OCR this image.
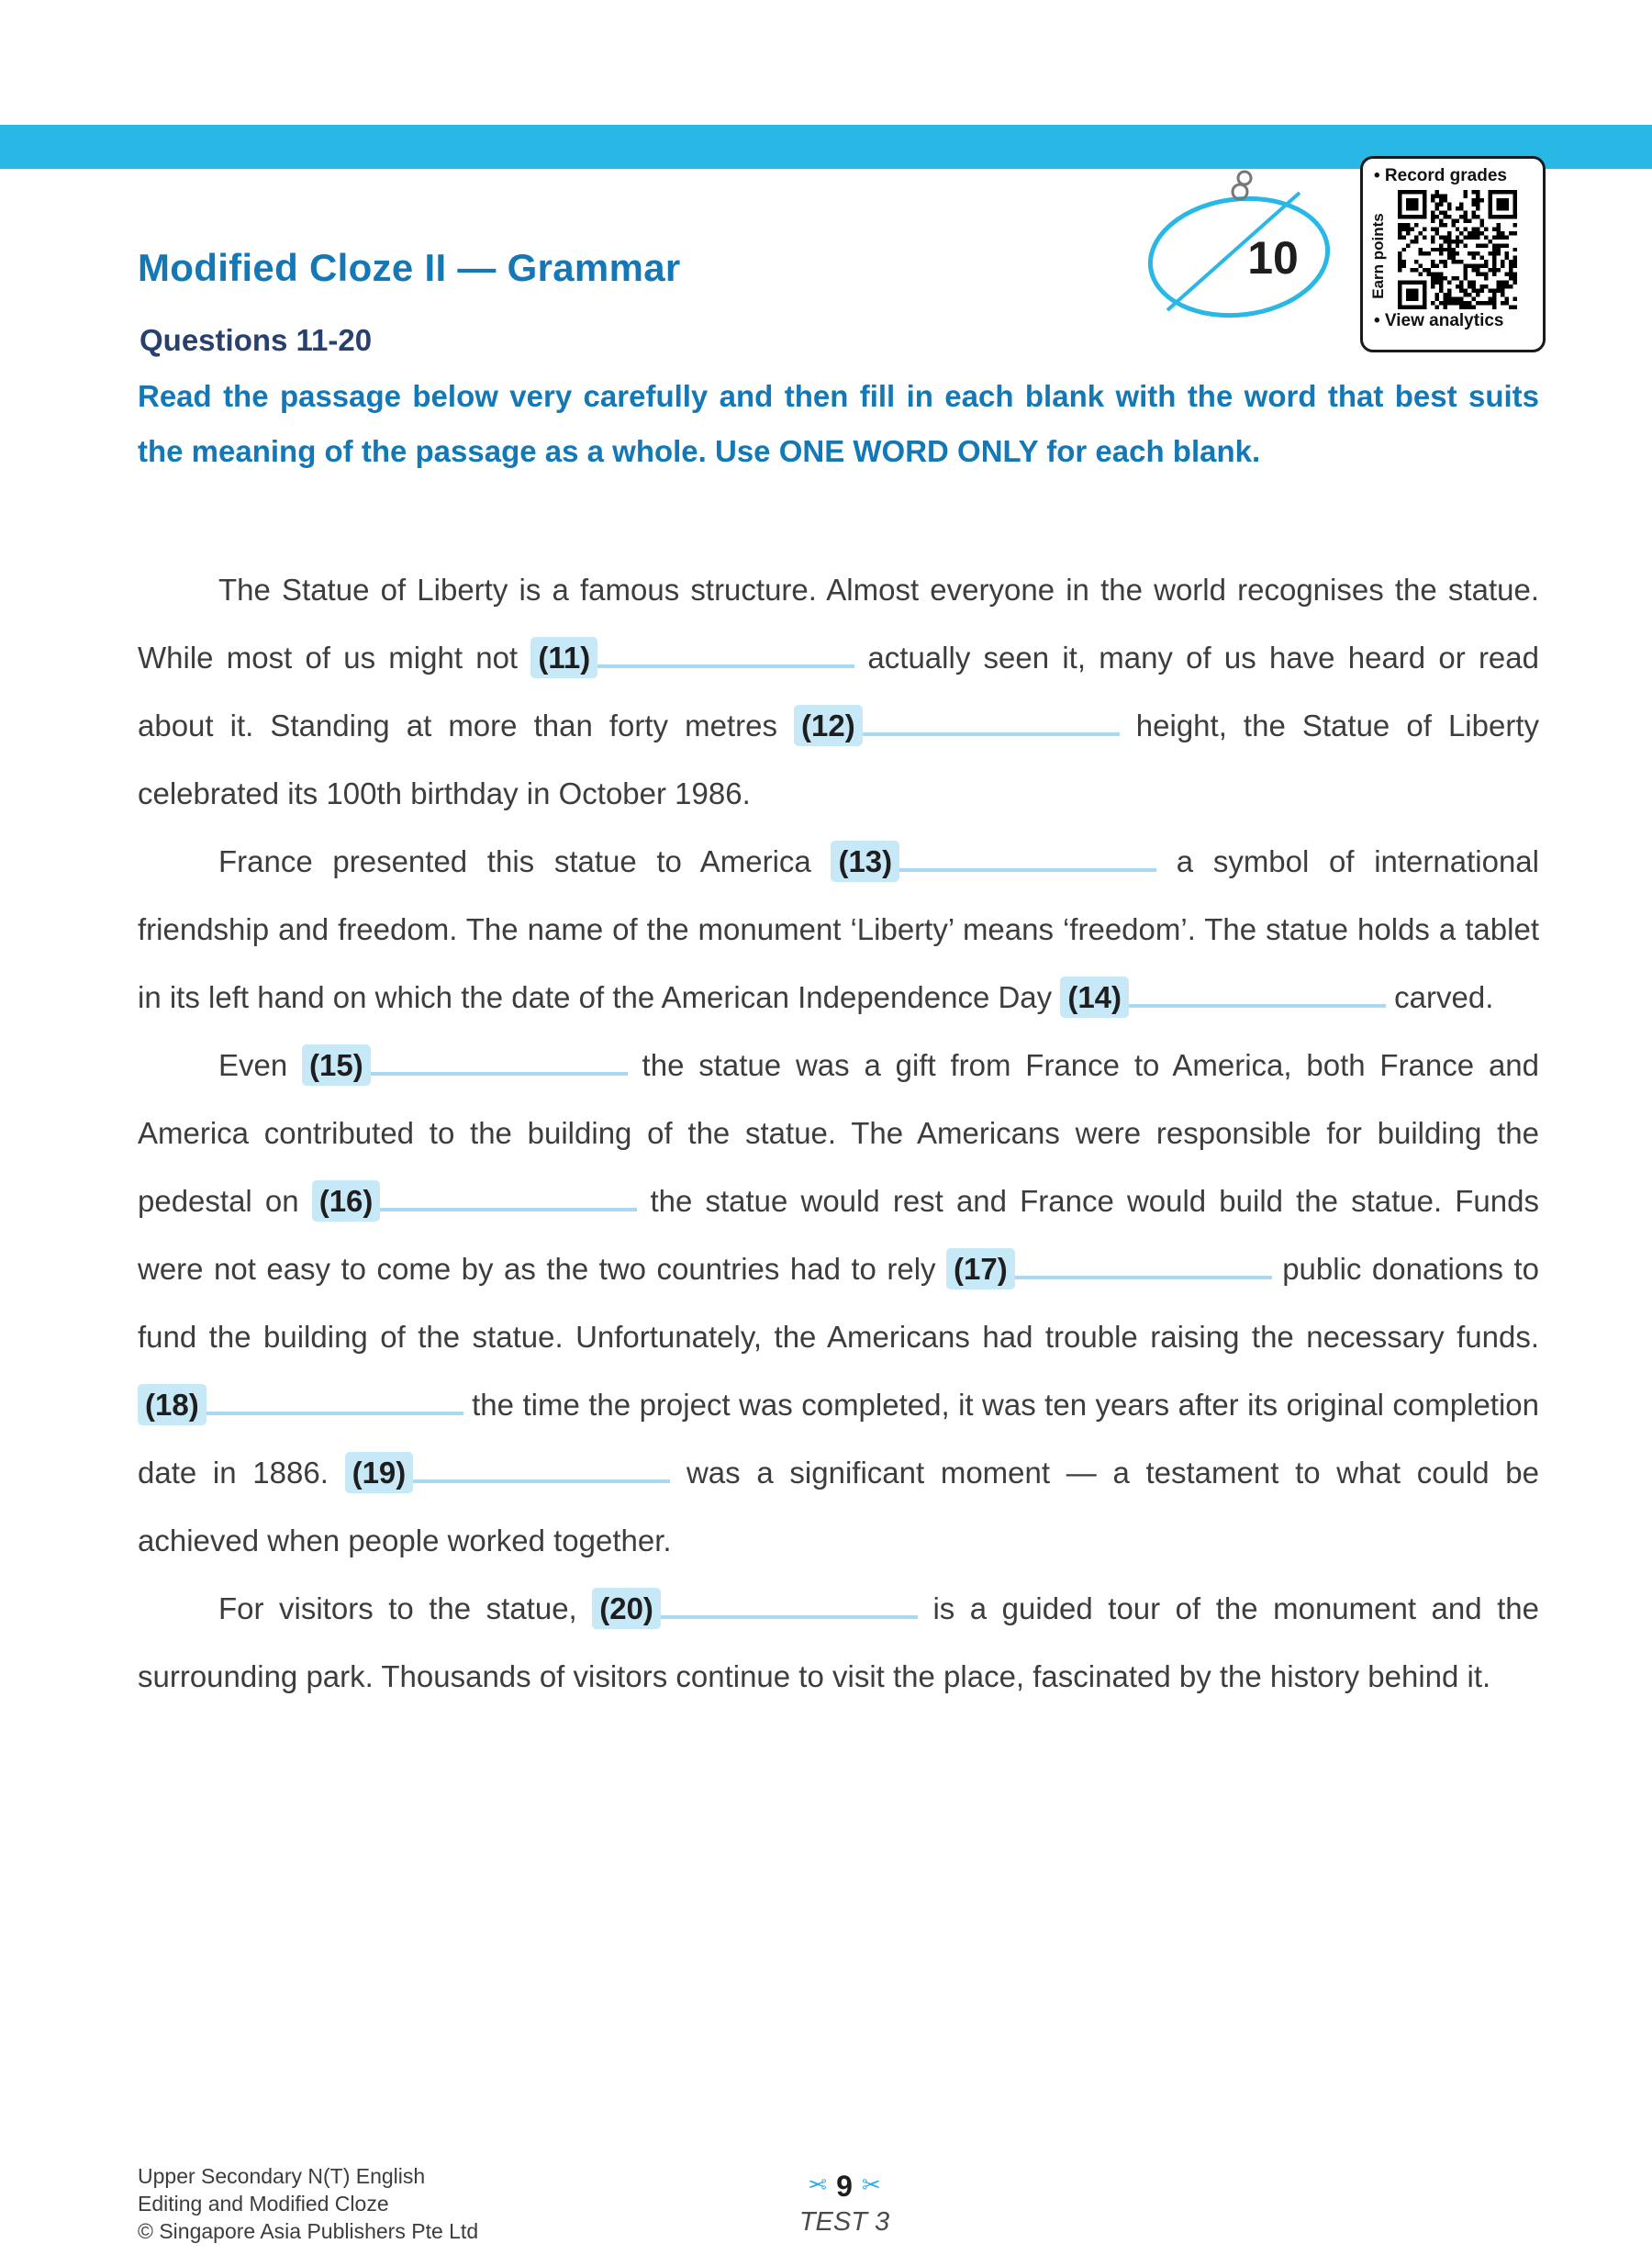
10
• Record grades
Earn points
• View analytics
Modified Cloze II — Grammar
Questions 11-20
Read the passage below very carefully and then fill in each blank with the word that best suits the meaning of the passage as a whole. Use ONE WORD ONLY for each blank.

The Statue of Liberty is a famous structure. Almost everyone in the world recognises the statue. While most of us might not (11)	actually seen it, many of us have heard or read about it. Standing at more than forty metres (12)	height, the Statue of Liberty celebrated its 100th birthday in October 1986.

France presented this statue to America (13)	a symbol of international friendship and freedom. The name of the monument ‘Liberty’ means ‘freedom’. The statue holds a tablet in its left hand on which the date of the American Independence Day (14)	carved.

Even (15)	the statue was a gift from France to America, both France and America contributed to the building of the statue. The Americans were responsible for building the pedestal on (16)	the statue would rest and France would build the statue. Funds were not easy to come by as the two countries had to rely (17)	public donations to fund the building of the statue. Unfortunately, the Americans had trouble raising the necessary funds. (18)	the time the project was completed, it was ten years after its original completion date in 1886. (19)	was a significant moment — a testament to what could be achieved when people worked together.

For visitors to the statue, (20)	is a guided tour of the monument and the surrounding park. Thousands of visitors continue to visit the place, fascinated by the history behind it.

Upper Secondary N(T) English
Editing and Modified Cloze
© Singapore Asia Publishers Pte Ltd
✂ 9 ✂
TEST 3
